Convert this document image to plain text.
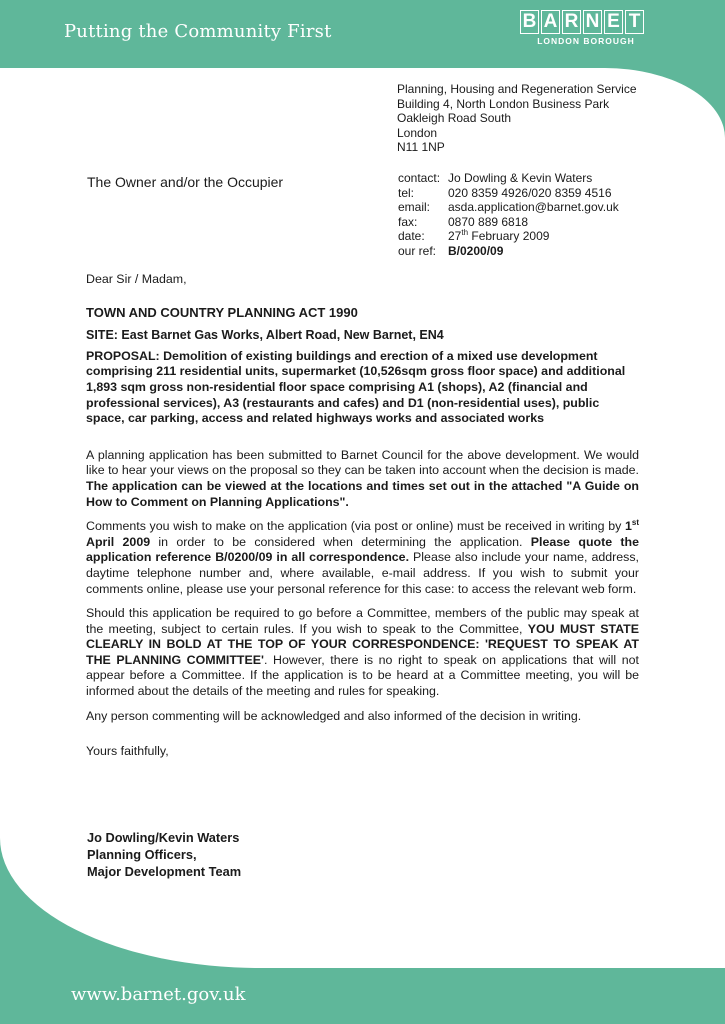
Putting the Community First	B A R N E T
LONDON BOROUGH
Planning, Housing and Regeneration Service
Building 4, North London Business Park
Oakleigh Road South
London
N11 1NP
The Owner and/or the Occupier	contact:	Jo Dowling & Kevin Waters
tel:	020 8359 4926/020 8359 4516
email:	asda.application@barnet.gov.uk
fax:	0870 889 6818
date:	27th February 2009
our ref:	B/0200/09

Dear Sir / Madam,

TOWN AND COUNTRY PLANNING ACT 1990

SITE: East Barnet Gas Works, Albert Road, New Barnet, EN4

PROPOSAL: Demolition of existing buildings and erection of a mixed use development comprising 211 residential units, supermarket (10,526sqm gross floor space) and additional 1,893 sqm gross non-residential floor space comprising A1 (shops), A2 (financial and professional services), A3 (restaurants and cafes) and D1 (non-residential uses), public space, car parking, access and related highways works and associated works

A planning application has been submitted to Barnet Council for the above development. We would like to hear your views on the proposal so they can be taken into account when the decision is made. The application can be viewed at the locations and times set out in the attached "A Guide on How to Comment on Planning Applications".

Comments you wish to make on the application (via post or online) must be received in writing by 1st April 2009 in order to be considered when determining the application. Please quote the application reference B/0200/09 in all correspondence. Please also include your name, address, daytime telephone number and, where available, e-mail address. If you wish to submit your comments online, please use your personal reference for this case: to access the relevant web form.

Should this application be required to go before a Committee, members of the public may speak at the meeting, subject to certain rules. If you wish to speak to the Committee, YOU MUST STATE CLEARLY IN BOLD AT THE TOP OF YOUR CORRESPONDENCE: 'REQUEST TO SPEAK AT THE PLANNING COMMITTEE'. However, there is no right to speak on applications that will not appear before a Committee. If the application is to be heard at a Committee meeting, you will be informed about the details of the meeting and rules for speaking.

Any person commenting will be acknowledged and also informed of the decision in writing.

Yours faithfully,

Jo Dowling/Kevin Waters
Planning Officers,
Major Development Team
www.barnet.gov.uk
